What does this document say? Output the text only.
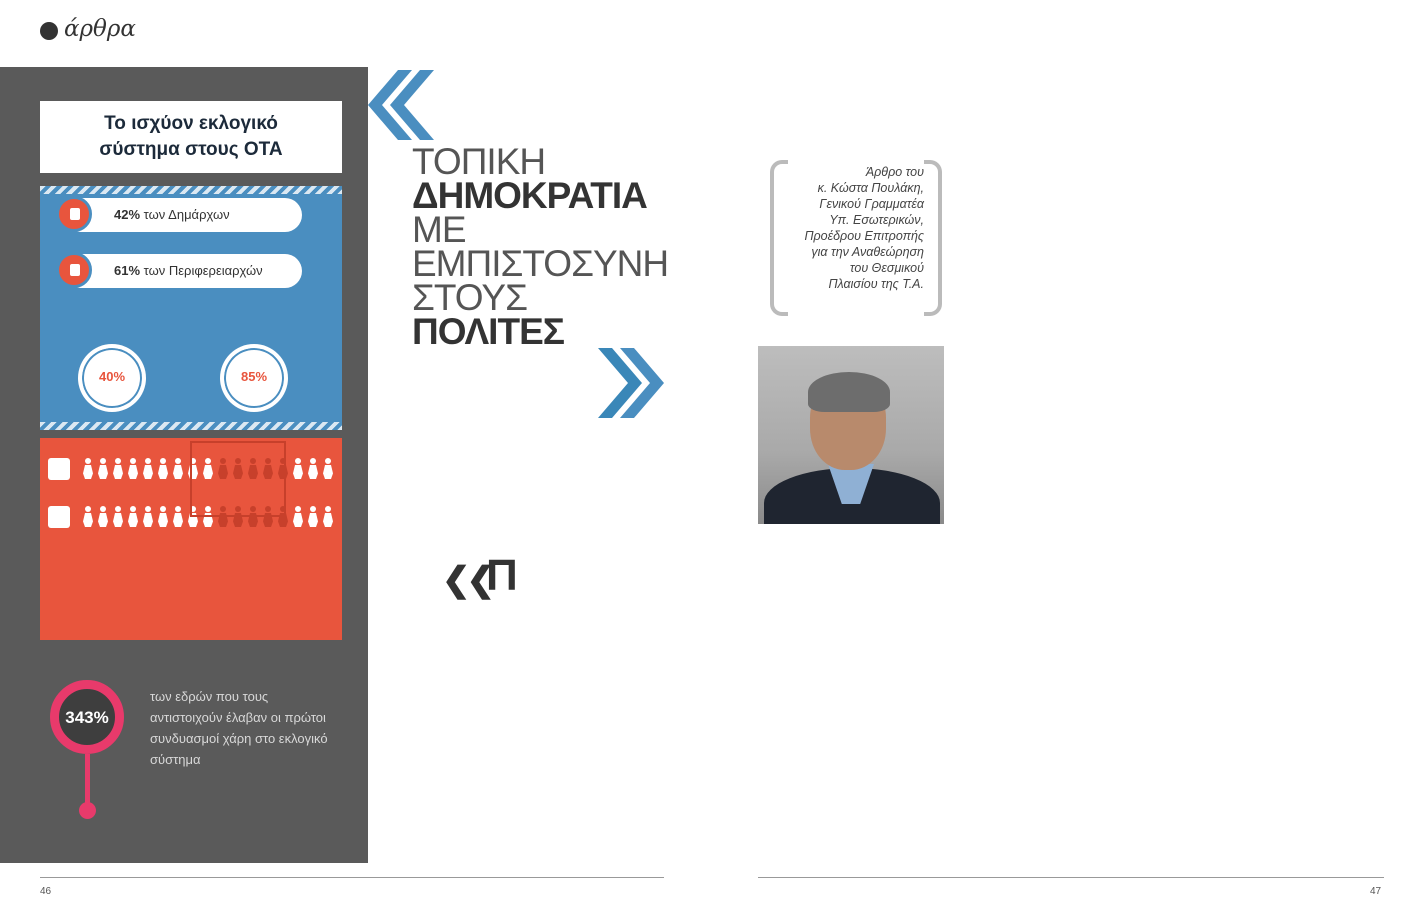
άρθρα
Το ισχύον εκλογικό
σύστημα στους ΟΤΑ
42% των Δημάρχων
61% των Περιφερειαρχών
40%	85%
343%
των εδρών που τους αντιστοιχούν έλαβαν οι πρώτοι συνδυασμοί χάρη στο εκλογικό σύστημα
ΤΟΠΙΚΗ
ΔΗΜΟΚΡΑΤΙΑ
ΜΕ
ΕΜΠΙΣΤΟΣΥΝΗ
ΣΤΟΥΣ
ΠΟΛΙΤΕΣ
Άρθρο του
κ. Κώστα Πουλάκη,
Γενικού Γραμματέα
Υπ. Εσωτερικών,
Προέδρου Επιτροπής
για την Αναθεώρηση
του Θεσμικού
Πλαισίου της Τ.Α.
❮❮
Π
46	47
